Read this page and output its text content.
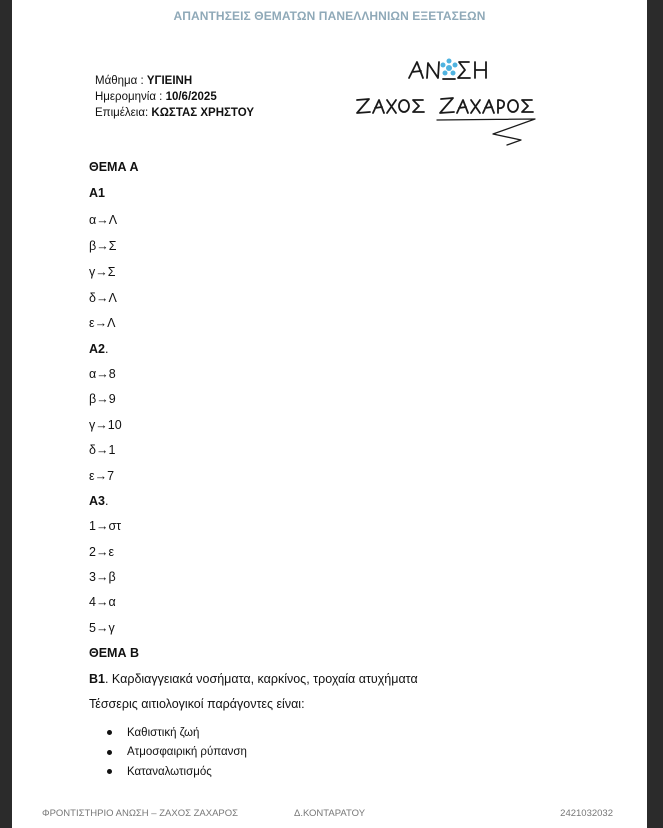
ΑΠΑΝΤΗΣΕΙΣ ΘΕΜΑΤΩΝ ΠΑΝΕΛΛΗΝΙΩΝ ΕΞΕΤΑΣΕΩΝ
Μάθημα : ΥΓΙΕΙΝΗ
Ημερομηνία : 10/6/2025
Επιμέλεια: ΚΩΣΤΑΣ ΧΡΗΣΤΟΥ
ΘΕΜΑ Α
Α1
α→Λ
β→Σ
γ→Σ
δ→Λ
ε→Λ
Α2.
α→8
β→9
γ→10
δ→1
ε→7
Α3.
1→στ
2→ε
3→β
4→α
5→γ
ΘΕΜΑ Β
Β1. Καρδιαγγειακά νοσήματα, καρκίνος, τροχαία ατυχήματα
Τέσσερις αιτιολογικοί παράγοντες είναι:
Καθιστική ζωή
Ατμοσφαιρική ρύπανση
Καταναλωτισμός
ΦΡΟΝΤΙΣΤΗΡΙΟ ΑΝΩΣΗ – ΖΑΧΟΣ ΖΑΧΑΡΟΣ	Δ.ΚΟΝΤΑΡΑΤΟΥ	2421032032
